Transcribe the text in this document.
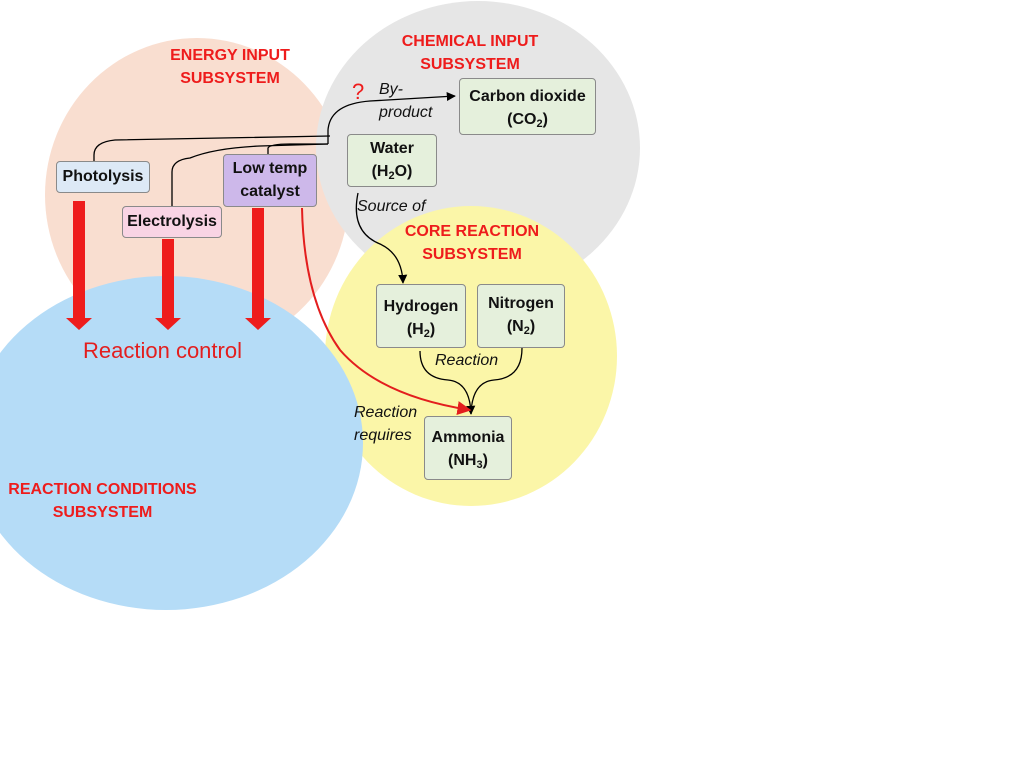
ENERGY INPUT
SUBSYSTEM
CHEMICAL INPUT
SUBSYSTEM
CORE REACTION
SUBSYSTEM
REACTION CONDITIONS
SUBSYSTEM
Photolysis
Electrolysis
Low temp
catalyst
Carbon dioxide
$(CO_2)$
Water
$(H_2O)$
Hydrogen
$(H_2)$
Nitrogen
$(N_2)$
Ammonia
$(NH_3)$
? By-
product
Source of
Reaction
Reaction
requires
Reaction control
